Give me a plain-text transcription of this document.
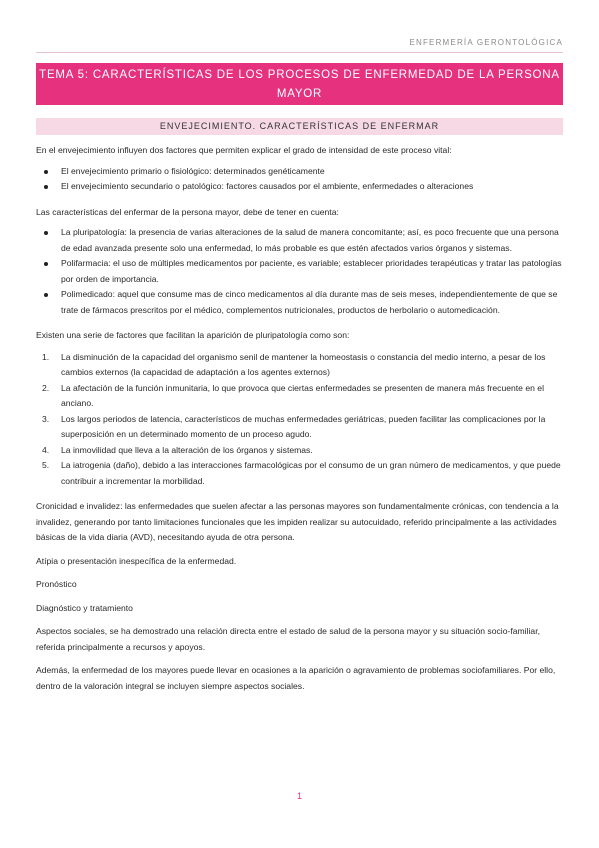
ENFERMERÍA GERONTOLÓGICA
TEMA 5: CARACTERÍSTICAS DE LOS PROCESOS DE ENFERMEDAD DE LA PERSONA MAYOR
ENVEJECIMIENTO. CARACTERÍSTICAS DE ENFERMAR

En el envejecimiento influyen dos factores que permiten explicar el grado de intensidad de este proceso vital:

El envejecimiento primario o fisiológico: determinados genéticamente
El envejecimiento secundario o patológico: factores causados por el ambiente, enfermedades o alteraciones

Las características del enfermar de la persona mayor, debe de tener en cuenta:

La pluripatología: la presencia de varias alteraciones de la salud de manera concomitante; así, es poco frecuente que una persona de edad avanzada presente solo una enfermedad, lo más probable es que estén afectados varios órganos y sistemas.
Polifarmacia: el uso de múltiples medicamentos por paciente, es variable; establecer prioridades terapéuticas y tratar las patologías por orden de importancia.
Polimedicado: aquel que consume mas de cinco medicamentos al día durante mas de seis meses, independientemente de que se trate de fármacos prescritos por el médico, complementos nutricionales, productos de herbolario o automedicación.

Existen una serie de factores que facilitan la aparición de pluripatología como son:

La disminución de la capacidad del organismo senil de mantener la homeostasis o constancia del medio interno, a pesar de los cambios externos (la capacidad de adaptación a los agentes externos)
La afectación de la función inmunitaria, lo que provoca que ciertas enfermedades se presenten de manera más frecuente en el anciano.
Los largos periodos de latencia, característicos de muchas enfermedades geriátricas, pueden facilitar las complicaciones por la superposición en un determinado momento de un proceso agudo.
La inmovilidad que lleva a la alteración de los órganos y sistemas.
La iatrogenia (daño), debido a las interacciones farmacológicas por el consumo de un gran número de medicamentos, y que puede contribuir a incrementar la morbilidad.

Cronicidad e invalidez: las enfermedades que suelen afectar a las personas mayores son fundamentalmente crónicas, con tendencia a la invalidez, generando por tanto limitaciones funcionales que les impiden realizar su autocuidado, referido principalmente a las actividades básicas de la vida diaria (AVD), necesitando ayuda de otra persona.

Atípia o presentación inespecífica de la enfermedad.

Pronóstico

Diagnóstico y tratamiento

Aspectos sociales, se ha demostrado una relación directa entre el estado de salud de la persona mayor y su situación socio-familiar, referida principalmente a recursos y apoyos.

Además, la enfermedad de los mayores puede llevar en ocasiones a la aparición o agravamiento de problemas sociofamiliares. Por ello, dentro de la valoración integral se incluyen siempre aspectos sociales.

1
